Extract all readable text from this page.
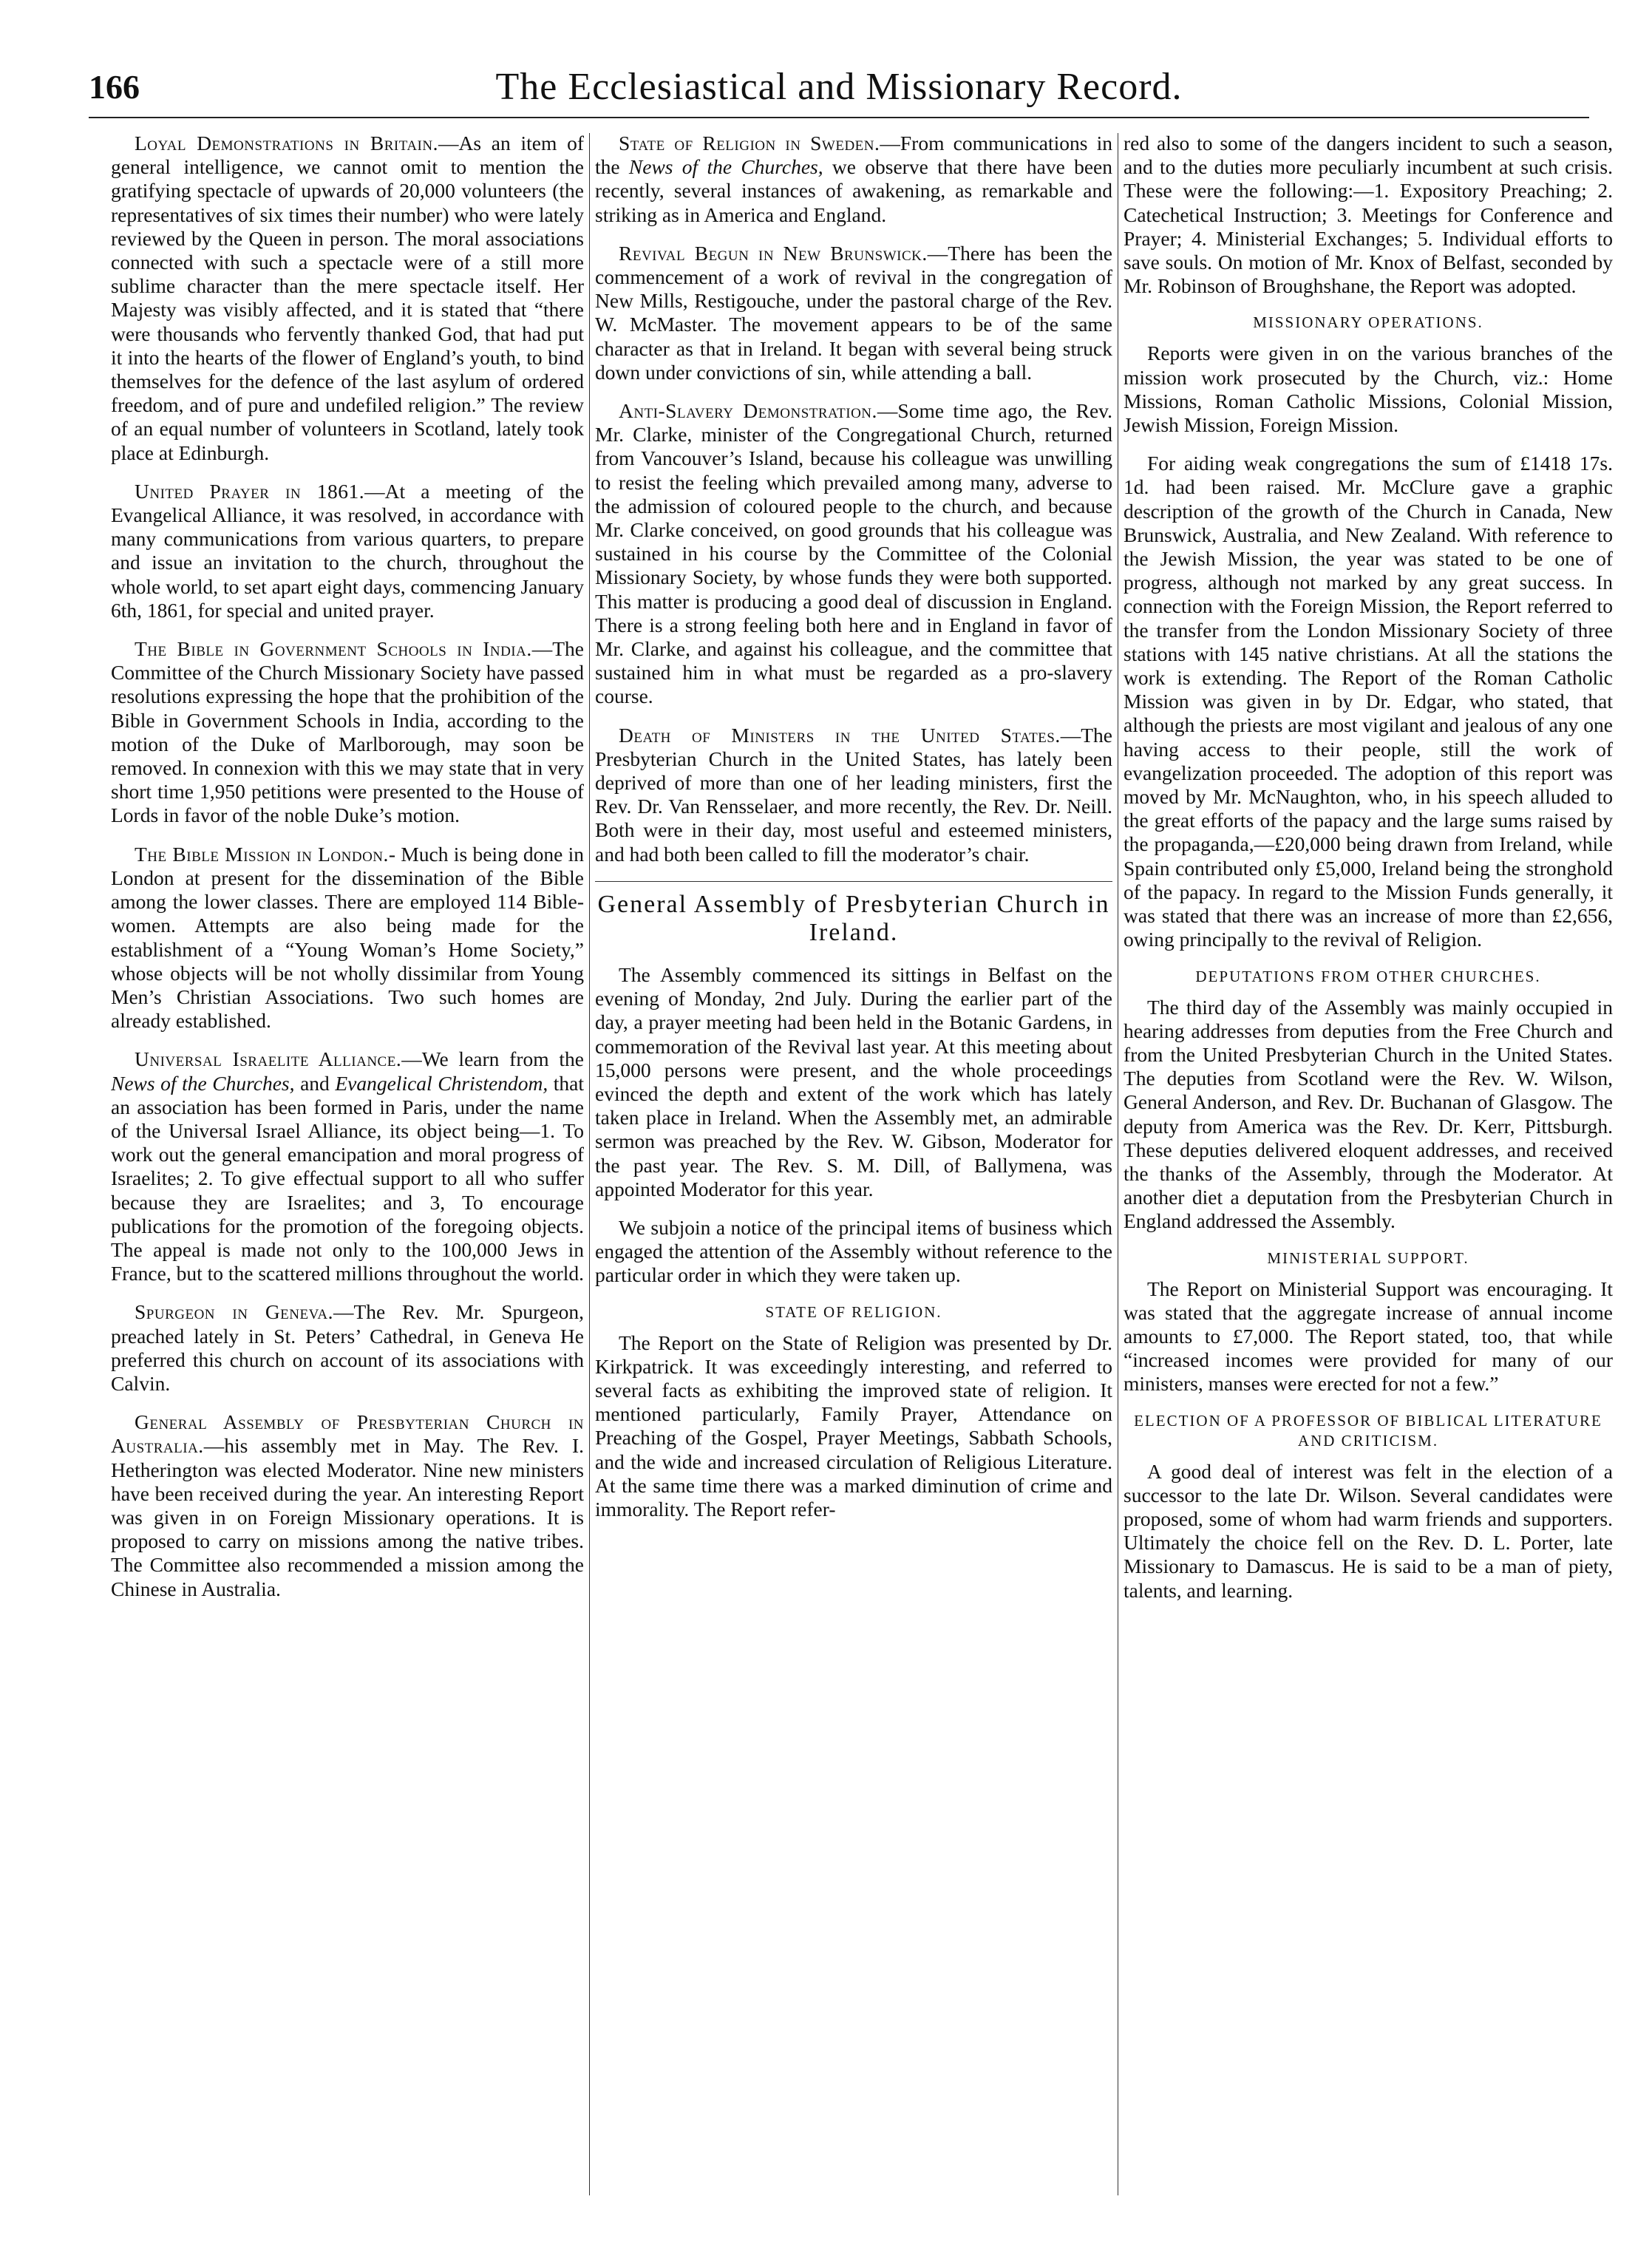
166	The Ecclesiastical and Missionary Record.

Loyal Demonstrations in Britain.—As an item of general intelligence, we cannot omit to mention the gratifying spectacle of upwards of 20,000 volunteers (the representatives of six times their number) who were lately reviewed by the Queen in person. The moral associations connected with such a spectacle were of a still more sublime character than the mere spectacle itself. Her Majesty was visibly affected, and it is stated that “there were thousands who fervently thanked God, that had put it into the hearts of the flower of England’s youth, to bind themselves for the defence of the last asylum of ordered freedom, and of pure and undefiled religion.” The review of an equal number of volunteers in Scotland, lately took place at Edinburgh.

United Prayer in 1861.—At a meeting of the Evangelical Alliance, it was resolved, in accordance with many communications from various quarters, to prepare and issue an invitation to the church, throughout the whole world, to set apart eight days, commencing January 6th, 1861, for special and united prayer.

The Bible in Government Schools in India.—The Committee of the Church Missionary Society have passed resolutions expressing the hope that the prohibition of the Bible in Government Schools in India, according to the motion of the Duke of Marlborough, may soon be removed. In connexion with this we may state that in very short time 1,950 petitions were presented to the House of Lords in favor of the noble Duke’s motion.

The Bible Mission in London.- Much is being done in London at present for the dissemination of the Bible among the lower classes. There are employed 114 Bible-women. Attempts are also being made for the establishment of a “Young Woman’s Home Society,” whose objects will be not wholly dissimilar from Young Men’s Christian Associations. Two such homes are already established.

Universal Israelite Alliance.—We learn from the News of the Churches, and Evangelical Christendom, that an association has been formed in Paris, under the name of the Universal Israel Alliance, its object being—1. To work out the general emancipation and moral progress of Israelites; 2. To give effectual support to all who suffer because they are Israelites; and 3, To encourage publications for the promotion of the foregoing objects. The appeal is made not only to the 100,000 Jews in France, but to the scattered millions throughout the world.

Spurgeon in Geneva.—The Rev. Mr. Spurgeon, preached lately in St. Peters’ Cathedral, in Geneva He preferred this church on account of its associations with Calvin.

General Assembly of Presbyterian Church in Australia.—his assembly met in May. The Rev. I. Hetherington was elected Moderator. Nine new ministers have been received during the year. An interesting Report was given in on Foreign Missionary operations. It is proposed to carry on missions among the native tribes. The Committee also recommended a mission among the Chinese in Australia.

State of Religion in Sweden.—From communications in the News of the Churches, we observe that there have been recently, several instances of awakening, as remarkable and striking as in America and England.

Revival Begun in New Brunswick.—There has been the commencement of a work of revival in the congregation of New Mills, Restigouche, under the pastoral charge of the Rev. W. McMaster. The movement appears to be of the same character as that in Ireland. It began with several being struck down under convictions of sin, while attending a ball.

Anti-Slavery Demonstration.—Some time ago, the Rev. Mr. Clarke, minister of the Congregational Church, returned from Vancouver’s Island, because his colleague was unwilling to resist the feeling which prevailed among many, adverse to the admission of coloured people to the church, and because Mr. Clarke conceived, on good grounds that his colleague was sustained in his course by the Committee of the Colonial Missionary Society, by whose funds they were both supported. This matter is producing a good deal of discussion in England. There is a strong feeling both here and in England in favor of Mr. Clarke, and against his colleague, and the committee that sustained him in what must be regarded as a pro-slavery course.

Death of Ministers in the United States.—The Presbyterian Church in the United States, has lately been deprived of more than one of her leading ministers, first the Rev. Dr. Van Rensselaer, and more recently, the Rev. Dr. Neill. Both were in their day, most useful and esteemed ministers, and had both been called to fill the moderator’s chair.

General Assembly of Presbyterian Church in Ireland.

The Assembly commenced its sittings in Belfast on the evening of Monday, 2nd July. During the earlier part of the day, a prayer meeting had been held in the Botanic Gardens, in commemoration of the Revival last year. At this meeting about 15,000 persons were present, and the whole proceedings evinced the depth and extent of the work which has lately taken place in Ireland. When the Assembly met, an admirable sermon was preached by the Rev. W. Gibson, Moderator for the past year. The Rev. S. M. Dill, of Ballymena, was appointed Moderator for this year.

We subjoin a notice of the principal items of business which engaged the attention of the Assembly without reference to the particular order in which they were taken up.

STATE OF RELIGION.

The Report on the State of Religion was presented by Dr. Kirkpatrick. It was exceedingly interesting, and referred to several facts as exhibiting the improved state of religion. It mentioned particularly, Family Prayer, Attendance on Preaching of the Gospel, Prayer Meetings, Sabbath Schools, and the wide and increased circulation of Religious Literature. At the same time there was a marked diminution of crime and immorality. The Report refer-

red also to some of the dangers incident to such a season, and to the duties more peculiarly incumbent at such crisis. These were the following:—1. Expository Preaching; 2. Catechetical Instruction; 3. Meetings for Conference and Prayer; 4. Ministerial Exchanges; 5. Individual efforts to save souls. On motion of Mr. Knox of Belfast, seconded by Mr. Robinson of Broughshane, the Report was adopted.

MISSIONARY OPERATIONS.

Reports were given in on the various branches of the mission work prosecuted by the Church, viz.: Home Missions, Roman Catholic Missions, Colonial Mission, Jewish Mission, Foreign Mission.

For aiding weak congregations the sum of £1418 17s. 1d. had been raised. Mr. McClure gave a graphic description of the growth of the Church in Canada, New Brunswick, Australia, and New Zealand. With reference to the Jewish Mission, the year was stated to be one of progress, although not marked by any great success. In connection with the Foreign Mission, the Report referred to the transfer from the London Missionary Society of three stations with 145 native christians. At all the stations the work is extending. The Report of the Roman Catholic Mission was given in by Dr. Edgar, who stated, that although the priests are most vigilant and jealous of any one having access to their people, still the work of evangelization proceeded. The adoption of this report was moved by Mr. McNaughton, who, in his speech alluded to the great efforts of the papacy and the large sums raised by the propaganda,—£20,000 being drawn from Ireland, while Spain contributed only £5,000, Ireland being the stronghold of the papacy. In regard to the Mission Funds generally, it was stated that there was an increase of more than £2,656, owing principally to the revival of Religion.

DEPUTATIONS FROM OTHER CHURCHES.

The third day of the Assembly was mainly occupied in hearing addresses from deputies from the Free Church and from the United Presbyterian Church in the United States. The deputies from Scotland were the Rev. W. Wilson, General Anderson, and Rev. Dr. Buchanan of Glasgow. The deputy from America was the Rev. Dr. Kerr, Pittsburgh. These deputies delivered eloquent addresses, and received the thanks of the Assembly, through the Moderator. At another diet a deputation from the Presbyterian Church in England addressed the Assembly.

MINISTERIAL SUPPORT.

The Report on Ministerial Support was encouraging. It was stated that the aggregate increase of annual income amounts to £7,000. The Report stated, too, that while “increased incomes were provided for many of our ministers, manses were erected for not a few.”

ELECTION OF A PROFESSOR OF BIBLICAL LITERATURE AND CRITICISM.

A good deal of interest was felt in the election of a successor to the late Dr. Wilson. Several candidates were proposed, some of whom had warm friends and supporters. Ultimately the choice fell on the Rev. D. L. Porter, late Missionary to Damascus. He is said to be a man of piety, talents, and learning.
